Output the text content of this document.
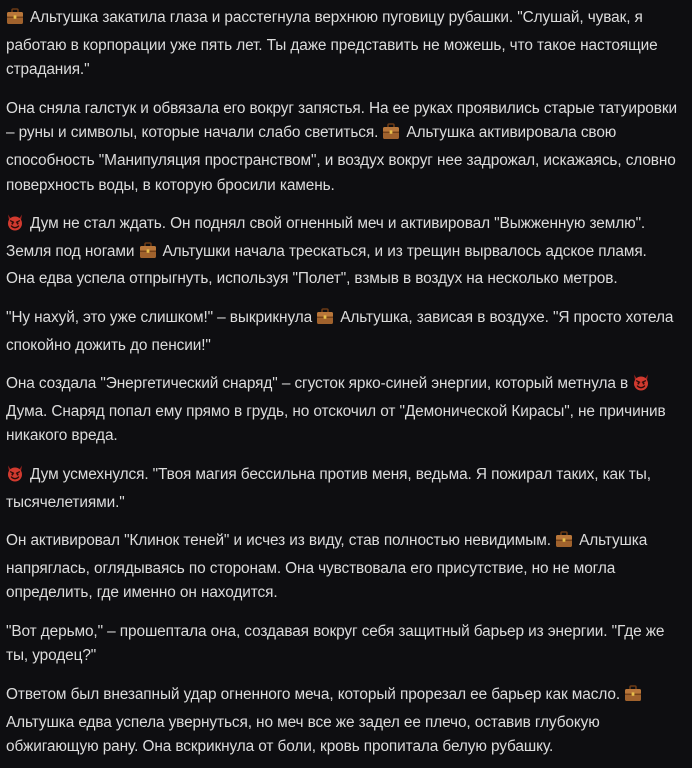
Альтушка закатила глаза и расстегнула верхнюю пуговицу рубашки. "Слушай, чувак, я работаю в корпорации уже пять лет. Ты даже представить не можешь, что такое настоящие страдания."

Она сняла галстук и обвязала его вокруг запястья. На ее руках проявились старые татуировки – руны и символы, которые начали слабо светиться. Альтушка активировала свою способность "Манипуляция пространством", и воздух вокруг нее задрожал, искажаясь, словно поверхность воды, в которую бросили камень.

Дум не стал ждать. Он поднял свой огненный меч и активировал "Выжженную землю". Земля под ногами Альтушки начала трескаться, и из трещин вырвалось адское пламя. Она едва успела отпрыгнуть, используя "Полет", взмыв в воздух на несколько метров.

"Ну нахуй, это уже слишком!" – выкрикнула Альтушка, зависая в воздухе. "Я просто хотела спокойно дожить до пенсии!"

Она создала "Энергетический снаряд" – сгусток ярко-синей энергии, который метнула в Дума. Снаряд попал ему прямо в грудь, но отскочил от "Демонической Кирасы", не причинив никакого вреда.

Дум усмехнулся. "Твоя магия бессильна против меня, ведьма. Я пожирал таких, как ты, тысячелетиями."

Он активировал "Клинок теней" и исчез из виду, став полностью невидимым. Альтушка напряглась, оглядываясь по сторонам. Она чувствовала его присутствие, но не могла определить, где именно он находится.

"Вот дерьмо," – прошептала она, создавая вокруг себя защитный барьер из энергии. "Где же ты, уродец?"

Ответом был внезапный удар огненного меча, который прорезал ее барьер как масло. Альтушка едва успела увернуться, но меч все же задел ее плечо, оставив глубокую обжигающую рану. Она вскрикнула от боли, кровь пропитала белую рубашку.
